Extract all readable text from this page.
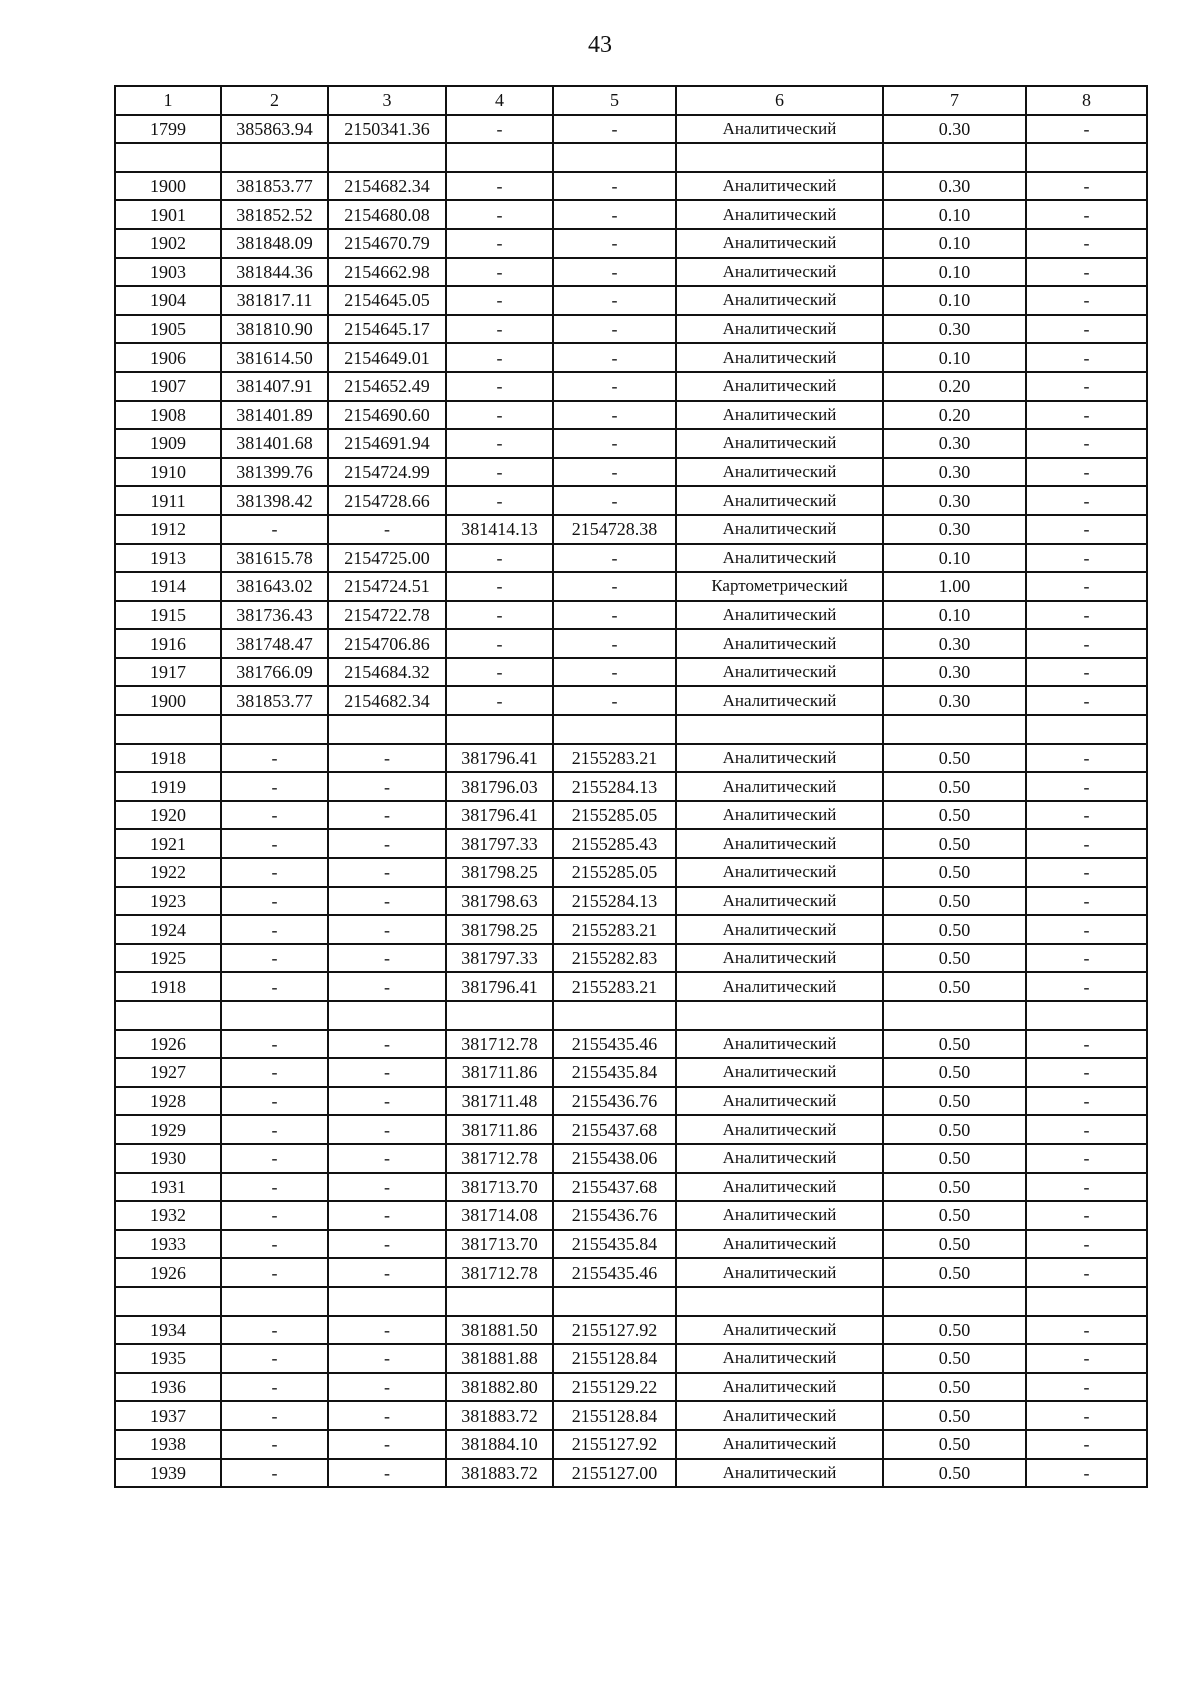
43
1	2	3	4	5	6	7	8
1799	385863.94	2150341.36	-	-	Аналитический	0.30	-

1900	381853.77	2154682.34	-	-	Аналитический	0.30	-
1901	381852.52	2154680.08	-	-	Аналитический	0.10	-
1902	381848.09	2154670.79	-	-	Аналитический	0.10	-
1903	381844.36	2154662.98	-	-	Аналитический	0.10	-
1904	381817.11	2154645.05	-	-	Аналитический	0.10	-
1905	381810.90	2154645.17	-	-	Аналитический	0.30	-
1906	381614.50	2154649.01	-	-	Аналитический	0.10	-
1907	381407.91	2154652.49	-	-	Аналитический	0.20	-
1908	381401.89	2154690.60	-	-	Аналитический	0.20	-
1909	381401.68	2154691.94	-	-	Аналитический	0.30	-
1910	381399.76	2154724.99	-	-	Аналитический	0.30	-
1911	381398.42	2154728.66	-	-	Аналитический	0.30	-
1912	-	-	381414.13	2154728.38	Аналитический	0.30	-
1913	381615.78	2154725.00	-	-	Аналитический	0.10	-
1914	381643.02	2154724.51	-	-	Картометрический	1.00	-
1915	381736.43	2154722.78	-	-	Аналитический	0.10	-
1916	381748.47	2154706.86	-	-	Аналитический	0.30	-
1917	381766.09	2154684.32	-	-	Аналитический	0.30	-
1900	381853.77	2154682.34	-	-	Аналитический	0.30	-

1918	-	-	381796.41	2155283.21	Аналитический	0.50	-
1919	-	-	381796.03	2155284.13	Аналитический	0.50	-
1920	-	-	381796.41	2155285.05	Аналитический	0.50	-
1921	-	-	381797.33	2155285.43	Аналитический	0.50	-
1922	-	-	381798.25	2155285.05	Аналитический	0.50	-
1923	-	-	381798.63	2155284.13	Аналитический	0.50	-
1924	-	-	381798.25	2155283.21	Аналитический	0.50	-
1925	-	-	381797.33	2155282.83	Аналитический	0.50	-
1918	-	-	381796.41	2155283.21	Аналитический	0.50	-

1926	-	-	381712.78	2155435.46	Аналитический	0.50	-
1927	-	-	381711.86	2155435.84	Аналитический	0.50	-
1928	-	-	381711.48	2155436.76	Аналитический	0.50	-
1929	-	-	381711.86	2155437.68	Аналитический	0.50	-
1930	-	-	381712.78	2155438.06	Аналитический	0.50	-
1931	-	-	381713.70	2155437.68	Аналитический	0.50	-
1932	-	-	381714.08	2155436.76	Аналитический	0.50	-
1933	-	-	381713.70	2155435.84	Аналитический	0.50	-
1926	-	-	381712.78	2155435.46	Аналитический	0.50	-

1934	-	-	381881.50	2155127.92	Аналитический	0.50	-
1935	-	-	381881.88	2155128.84	Аналитический	0.50	-
1936	-	-	381882.80	2155129.22	Аналитический	0.50	-
1937	-	-	381883.72	2155128.84	Аналитический	0.50	-
1938	-	-	381884.10	2155127.92	Аналитический	0.50	-
1939	-	-	381883.72	2155127.00	Аналитический	0.50	-
